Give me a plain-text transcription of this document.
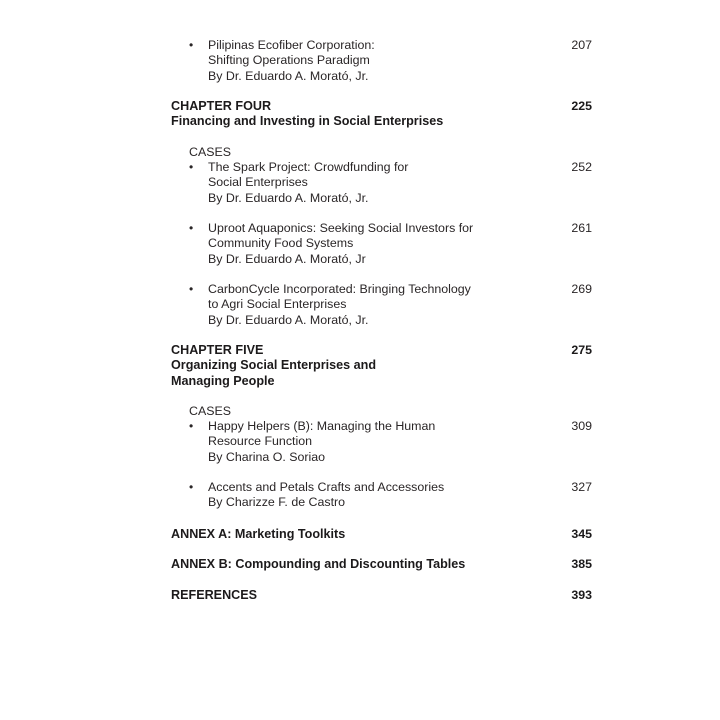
• Pilipinas Ecofiber Corporation:
Shifting Operations Paradigm
By Dr. Eduardo A. Morató, Jr.
207
CHAPTER FOUR
Financing and Investing in Social Enterprises
225
CASES
• The Spark Project: Crowdfunding for
Social Enterprises
By Dr. Eduardo A. Morató, Jr.
252
• Uproot Aquaponics: Seeking Social Investors for
Community Food Systems
By Dr. Eduardo A. Morató, Jr
261
• CarbonCycle Incorporated: Bringing Technology
to Agri Social Enterprises
By Dr. Eduardo A. Morató, Jr.
269
CHAPTER FIVE
Organizing Social Enterprises and
Managing People
275
CASES
• Happy Helpers (B): Managing the Human
Resource Function
By Charina O. Soriao
309
• Accents and Petals Crafts and Accessories
By Charizze F. de Castro
327
ANNEX A: Marketing Toolkits	345
ANNEX B: Compounding and Discounting Tables	385
REFERENCES	393
